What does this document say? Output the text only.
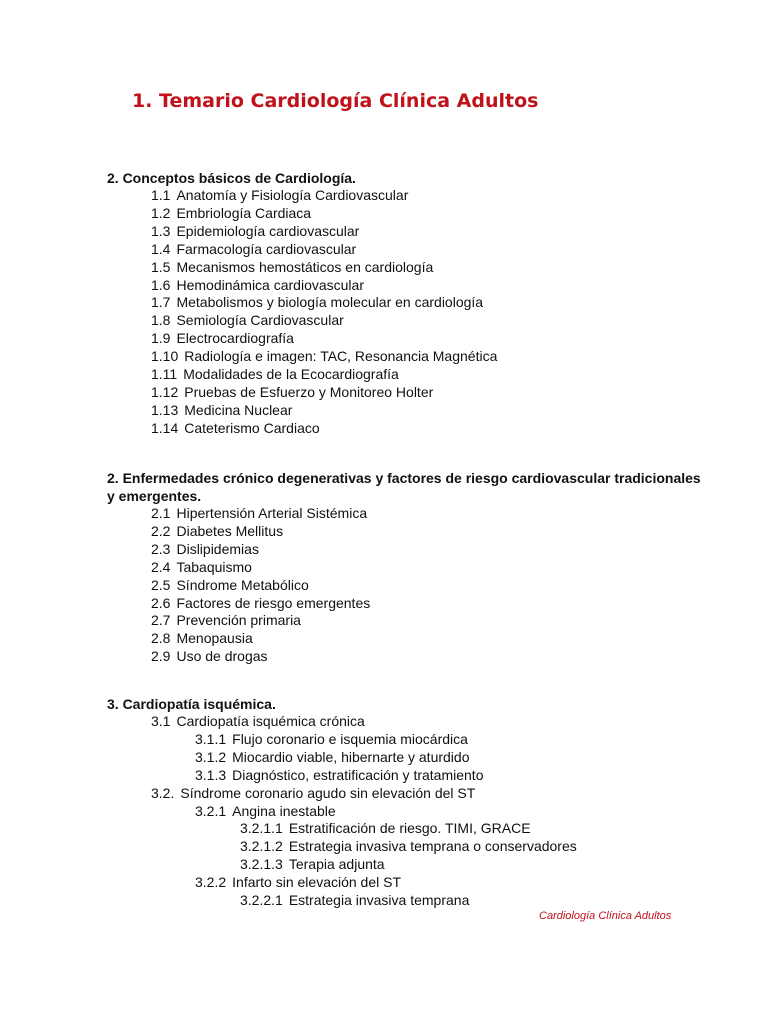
1. Temario Cardiología Clínica Adultos

2. Conceptos básicos de Cardiología.

1.1 Anatomía y Fisiología Cardiovascular
1.2 Embriología Cardiaca
1.3 Epidemiología cardiovascular
1.4 Farmacología cardiovascular
1.5 Mecanismos hemostáticos en cardiología
1.6 Hemodinámica cardiovascular
1.7 Metabolismos y biología molecular en cardiología
1.8 Semiología Cardiovascular
1.9 Electrocardiografía
1.10 Radiología e imagen: TAC, Resonancia Magnética
1.11 Modalidades de la Ecocardiografía
1.12 Pruebas de Esfuerzo y Monitoreo Holter
1.13 Medicina Nuclear
1.14 Cateterismo Cardiaco

2. Enfermedades crónico degenerativas y factores de riesgo cardiovascular tradicionales y emergentes.

2.1 Hipertensión Arterial Sistémica
2.2 Diabetes Mellitus
2.3 Dislipidemias
2.4 Tabaquismo
2.5 Síndrome Metabólico
2.6 Factores de riesgo emergentes
2.7 Prevención primaria
2.8 Menopausia
2.9 Uso de drogas

3. Cardiopatía isquémica.

3.1 Cardiopatía isquémica crónica
3.1.1 Flujo coronario e isquemia miocárdica
3.1.2 Miocardio viable, hibernarte y aturdido
3.1.3 Diagnóstico, estratificación y tratamiento
3.2. Síndrome coronario agudo sin elevación del ST
3.2.1 Angina inestable
3.2.1.1 Estratificación de riesgo. TIMI, GRACE
3.2.1.2 Estrategia invasiva temprana o conservadores
3.2.1.3 Terapia adjunta
3.2.2 Infarto sin elevación del ST
3.2.2.1 Estrategia invasiva temprana
Cardiología Clínica Adultos
